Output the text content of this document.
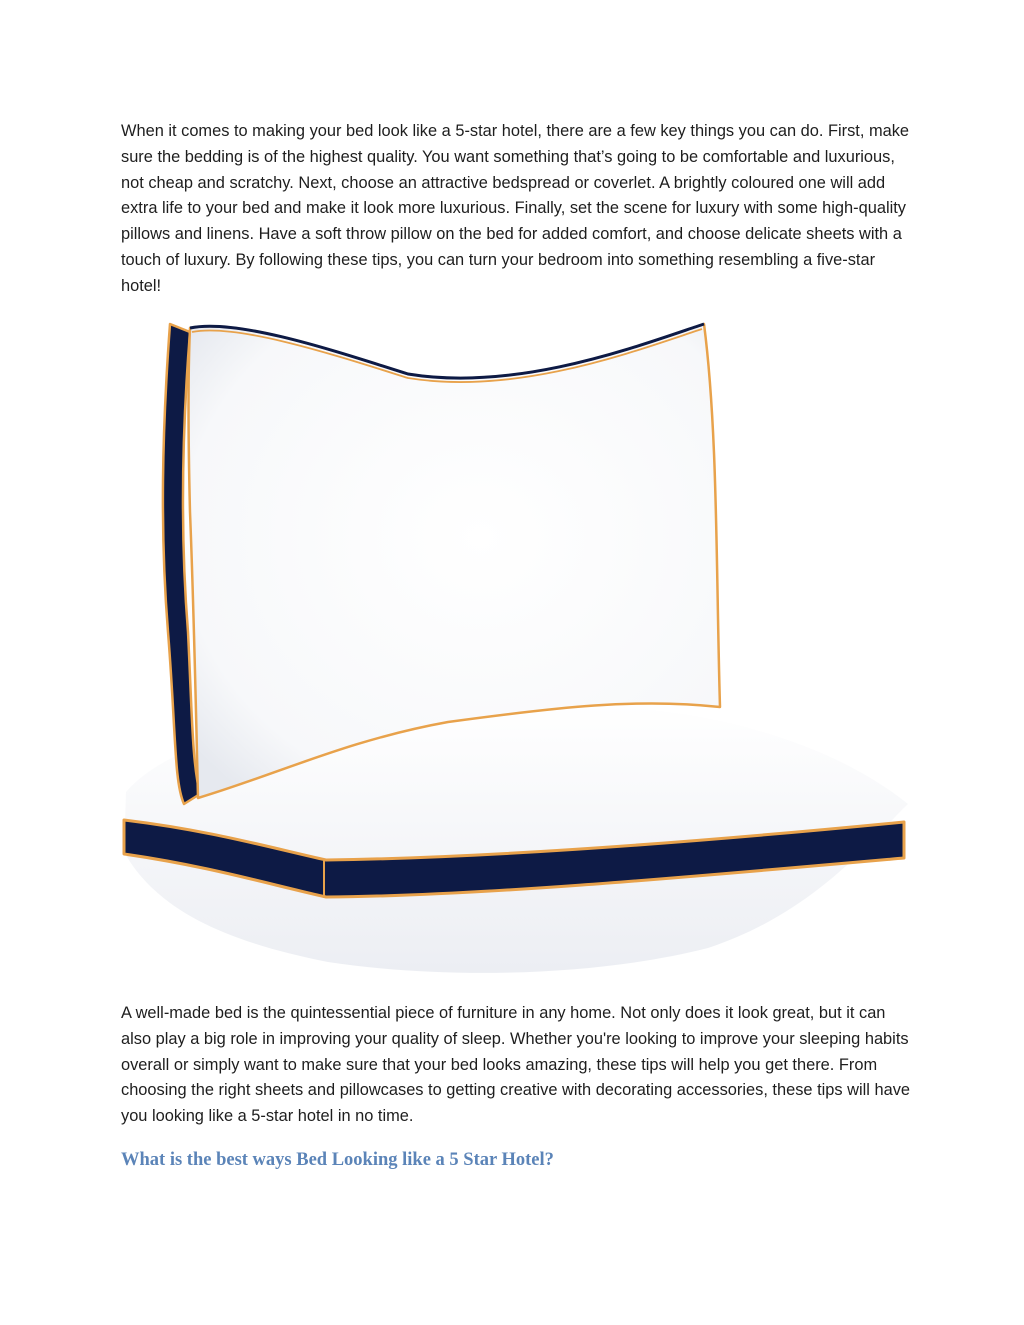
When it comes to making your bed look like a 5-star hotel, there are a few key things you can do. First, make sure the bedding is of the highest quality. You want something that’s going to be comfortable and luxurious, not cheap and scratchy. Next, choose an attractive bedspread or coverlet. A brightly coloured one will add extra life to your bed and make it look more luxurious. Finally, set the scene for luxury with some high-quality pillows and linens. Have a soft throw pillow on the bed for added comfort, and choose delicate sheets with a touch of luxury. By following these tips, you can turn your bedroom into something resembling a five-star hotel!

A well-made bed is the quintessential piece of furniture in any home. Not only does it look great, but it can also play a big role in improving your quality of sleep. Whether you're looking to improve your sleeping habits overall or simply want to make sure that your bed looks amazing, these tips will help you get there. From choosing the right sheets and pillowcases to getting creative with decorating accessories, these tips will have you looking like a 5-star hotel in no time.

What is the best ways Bed Looking like a 5 Star Hotel?
